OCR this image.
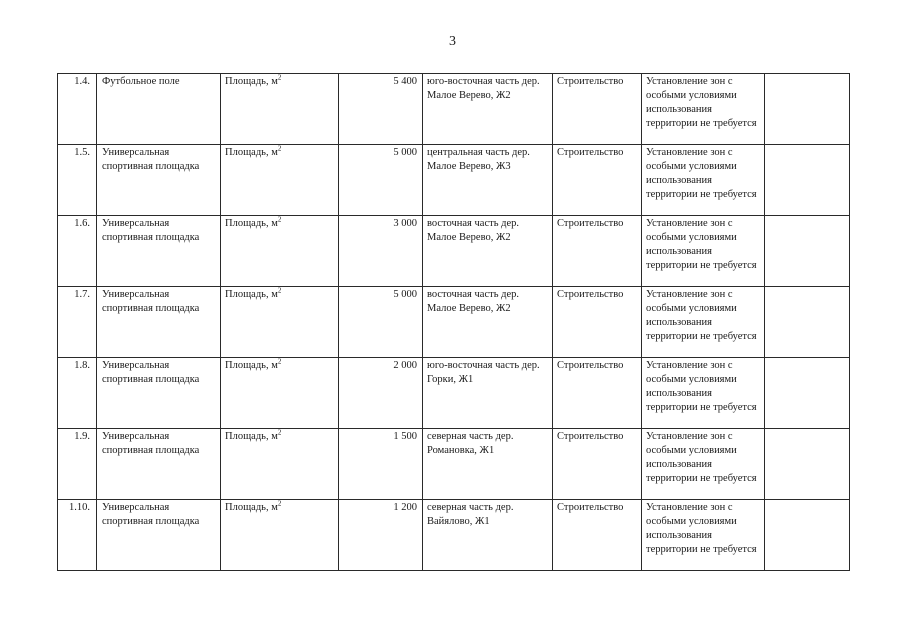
3
1.4.	Футбольное поле	Площадь, $м^2$	5 400	юго-восточная часть дер. Малое Верево, Ж2	Строительство	Установление зон с особыми условиями использования территории не требуется	
1.5.	Универсальная спортивная площадка	Площадь, $м^2$	5 000	центральная часть дер. Малое Верево, Ж3	Строительство	Установление зон с особыми условиями использования территории не требуется	
1.6.	Универсальная спортивная площадка	Площадь, $м^2$	3 000	восточная часть дер. Малое Верево, Ж2	Строительство	Установление зон с особыми условиями использования территории не требуется	
1.7.	Универсальная спортивная площадка	Площадь, $м^2$	5 000	восточная часть дер. Малое Верево, Ж2	Строительство	Установление зон с особыми условиями использования территории не требуется	
1.8.	Универсальная спортивная площадка	Площадь, $м^2$	2 000	юго-восточная часть дер. Горки, Ж1	Строительство	Установление зон с особыми условиями использования территории не требуется	
1.9.	Универсальная спортивная площадка	Площадь, $м^2$	1 500	северная часть дер. Романовка, Ж1	Строительство	Установление зон с особыми условиями использования территории не требуется	
1.10.	Универсальная спортивная площадка	Площадь, $м^2$	1 200	северная часть дер. Вайялово, Ж1	Строительство	Установление зон с особыми условиями использования территории не требуется	
